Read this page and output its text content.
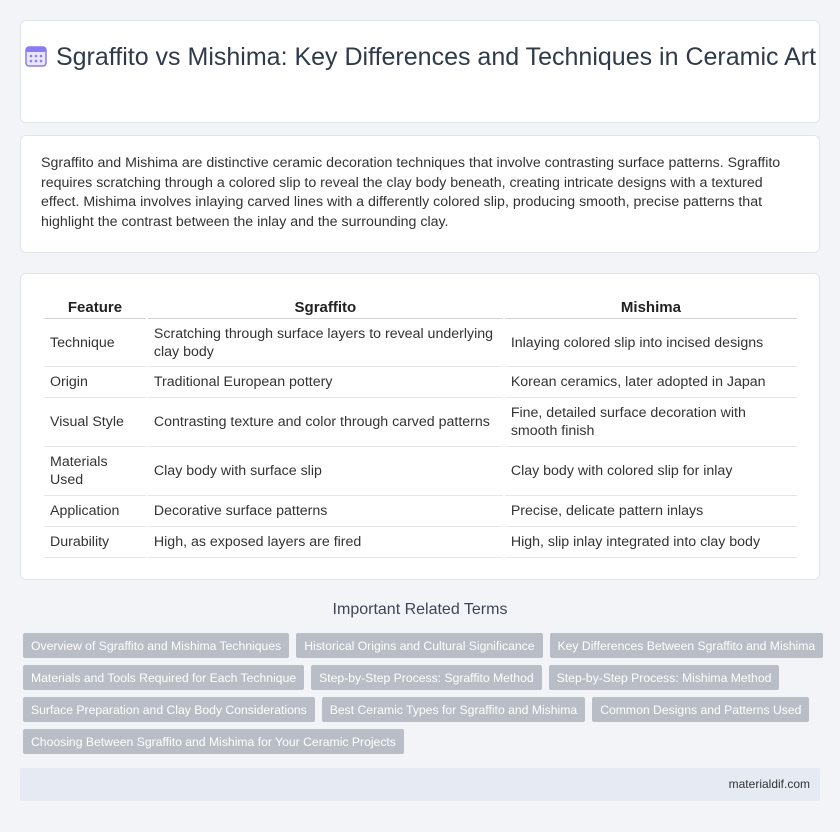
Sgraffito vs Mishima: Key Differences and Techniques in Ceramic Art

Sgraffito and Mishima are distinctive ceramic decoration techniques that involve contrasting surface patterns. Sgraffito requires scratching through a colored slip to reveal the clay body beneath, creating intricate designs with a textured effect. Mishima involves inlaying carved lines with a differently colored slip, producing smooth, precise patterns that highlight the contrast between the inlay and the surrounding clay.

Feature	Sgraffito	Mishima
Technique	Scratching through surface layers to reveal underlying clay body	Inlaying colored slip into incised designs
Origin	Traditional European pottery	Korean ceramics, later adopted in Japan
Visual Style	Contrasting texture and color through carved patterns	Fine, detailed surface decoration with smooth finish
Materials Used	Clay body with surface slip	Clay body with colored slip for inlay
Application	Decorative surface patterns	Precise, delicate pattern inlays
Durability	High, as exposed layers are fired	High, slip inlay integrated into clay body
Important Related Terms
Overview of Sgraffito and Mishima Techniques	Historical Origins and Cultural Significance	Key Differences Between Sgraffito and Mishima
Materials and Tools Required for Each Technique	Step-by-Step Process: Sgraffito Method	Step-by-Step Process: Mishima Method
Surface Preparation and Clay Body Considerations	Best Ceramic Types for Sgraffito and Mishima	Common Designs and Patterns Used
Choosing Between Sgraffito and Mishima for Your Ceramic Projects
materialdif.com
